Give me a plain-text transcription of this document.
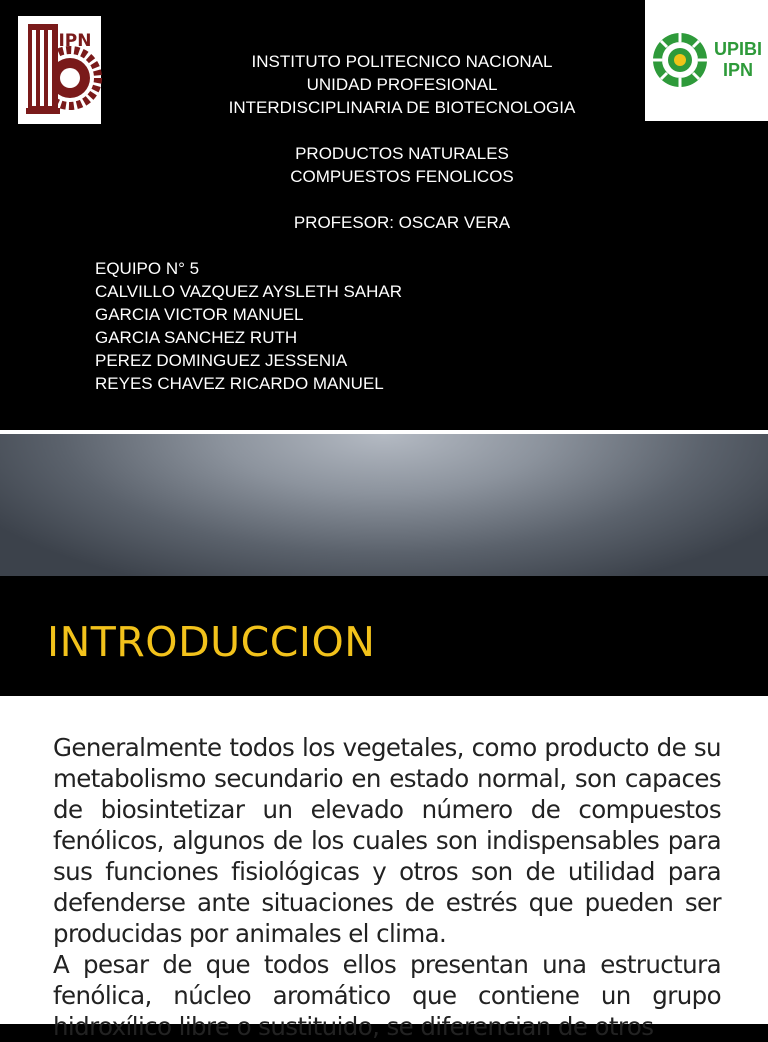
IPN	UPIBI
IPN
INSTITUTO POLITECNICO NACIONAL
UNIDAD PROFESIONAL
INTERDISCIPLINARIA DE BIOTECNOLOGIA
PRODUCTOS NATURALES
COMPUESTOS FENOLICOS
PROFESOR: OSCAR VERA
EQUIPO N° 5
CALVILLO VAZQUEZ AYSLETH SAHAR
GARCIA VICTOR MANUEL
GARCIA SANCHEZ RUTH
PEREZ DOMINGUEZ JESSENIA
REYES CHAVEZ RICARDO MANUEL
INTRODUCCION

Generalmente todos los vegetales, como producto de su metabolismo secundario en estado normal, son capaces de biosintetizar un elevado número de compuestos fenólicos, algunos de los cuales son indispensables para sus funciones fisiológicas y otros son de utilidad para defenderse ante situaciones de estrés que pueden ser producidas por animales el clima.

A pesar de que todos ellos presentan una estructura fenólica, núcleo aromático que contiene un grupo hidroxílico libre o sustituido, se diferencian de otros
